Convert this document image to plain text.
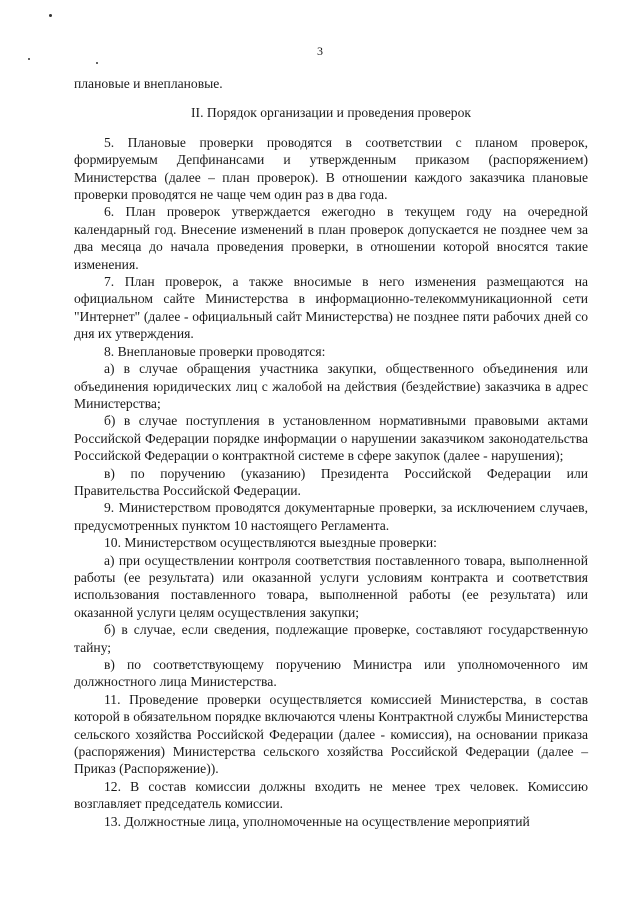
3

плановые и внеплановые.

II. Порядок организации и проведения проверок

5. Плановые проверки проводятся в соответствии с планом проверок, формируемым Депфинансами и утвержденным приказом (распоряжением) Министерства (далее – план проверок). В отношении каждого заказчика плановые проверки проводятся не чаще чем один раз в два года.

6. План проверок утверждается ежегодно в текущем году на очередной календарный год. Внесение изменений в план проверок допускается не позднее чем за два месяца до начала проведения проверки, в отношении которой вносятся такие изменения.

7. План проверок, а также вносимые в него изменения размещаются на официальном сайте Министерства в информационно-телекоммуникационной сети "Интернет" (далее - официальный сайт Министерства) не позднее пяти рабочих дней со дня их утверждения.

8. Внеплановые проверки проводятся:

а) в случае обращения участника закупки, общественного объединения или объединения юридических лиц с жалобой на действия (бездействие) заказчика в адрес Министерства;

б) в случае поступления в установленном нормативными правовыми актами Российской Федерации порядке информации о нарушении заказчиком законодательства Российской Федерации о контрактной системе в сфере закупок (далее - нарушения);

в) по поручению (указанию) Президента Российской Федерации или Правительства Российской Федерации.

9. Министерством проводятся документарные проверки, за исключением случаев, предусмотренных пунктом 10 настоящего Регламента.

10. Министерством осуществляются выездные проверки:

а) при осуществлении контроля соответствия поставленного товара, выполненной работы (ее результата) или оказанной услуги условиям контракта и соответствия использования поставленного товара, выполненной работы (ее результата) или оказанной услуги целям осуществления закупки;

б) в случае, если сведения, подлежащие проверке, составляют государственную тайну;

в) по соответствующему поручению Министра или уполномоченного им должностного лица Министерства.

11. Проведение проверки осуществляется комиссией Министерства, в состав которой в обязательном порядке включаются члены Контрактной службы Министерства сельского хозяйства Российской Федерации (далее - комиссия), на основании приказа (распоряжения) Министерства сельского хозяйства Российской Федерации (далее – Приказ (Распоряжение)).

12. В состав комиссии должны входить не менее трех человек. Комиссию возглавляет председатель комиссии.

13. Должностные лица, уполномоченные на осуществление мероприятий
